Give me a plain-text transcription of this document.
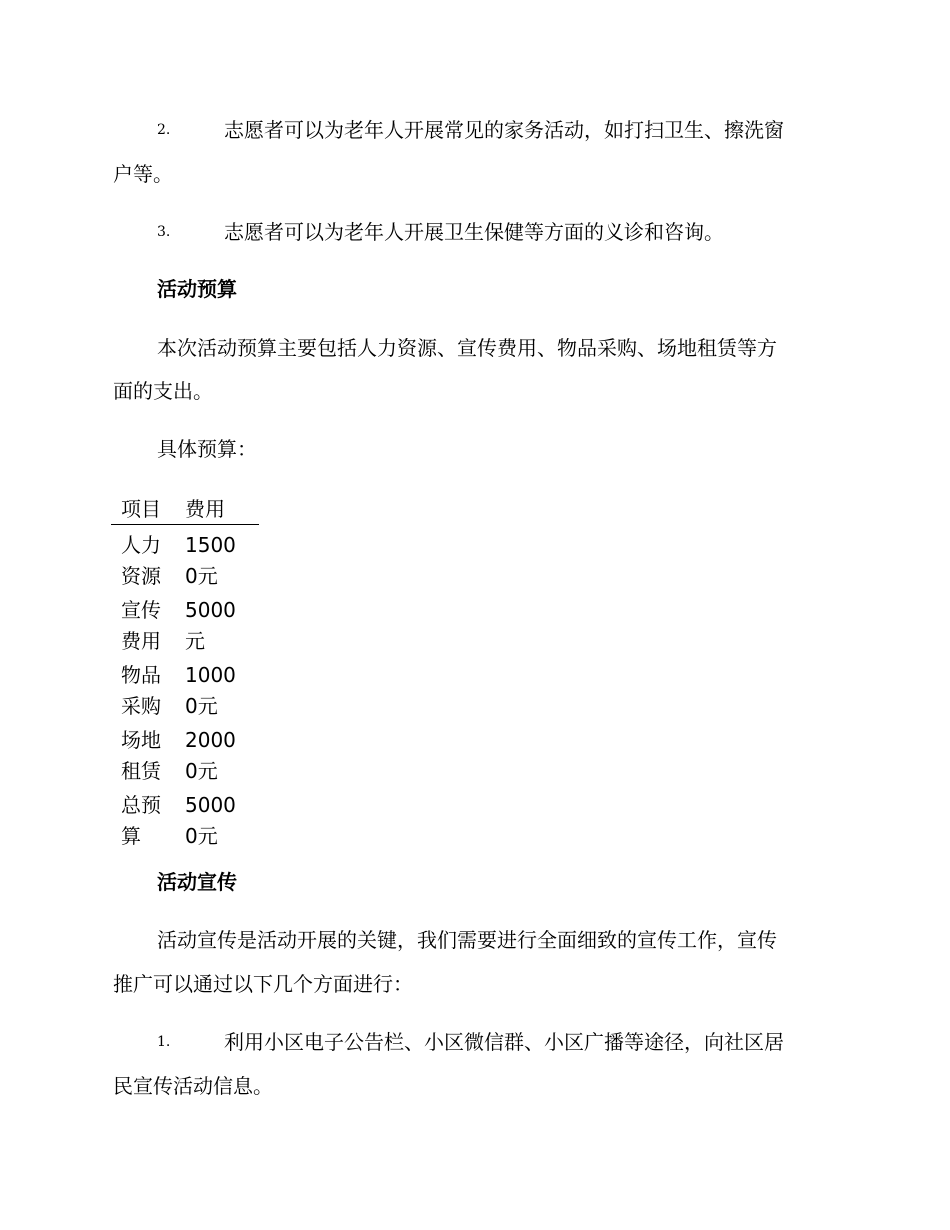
2.	志愿者可以为老年人开展常见的家务活动，如打扫卫生、擦洗窗
户等。
3.	志愿者可以为老年人开展卫生保健等方面的义诊和咨询。
活动预算
本次活动预算主要包括人力资源、宣传费用、物品采购、场地租赁等方
面的支出。
具体预算：
项目	费用

人力资源	15000元

宣传费用	5000元

物品采购	10000元

场地租赁	20000元

总预算	50000元
活动宣传
活动宣传是活动开展的关键，我们需要进行全面细致的宣传工作，宣传
推广可以通过以下几个方面进行：
1.	利用小区电子公告栏、小区微信群、小区广播等途径，向社区居
民宣传活动信息。
